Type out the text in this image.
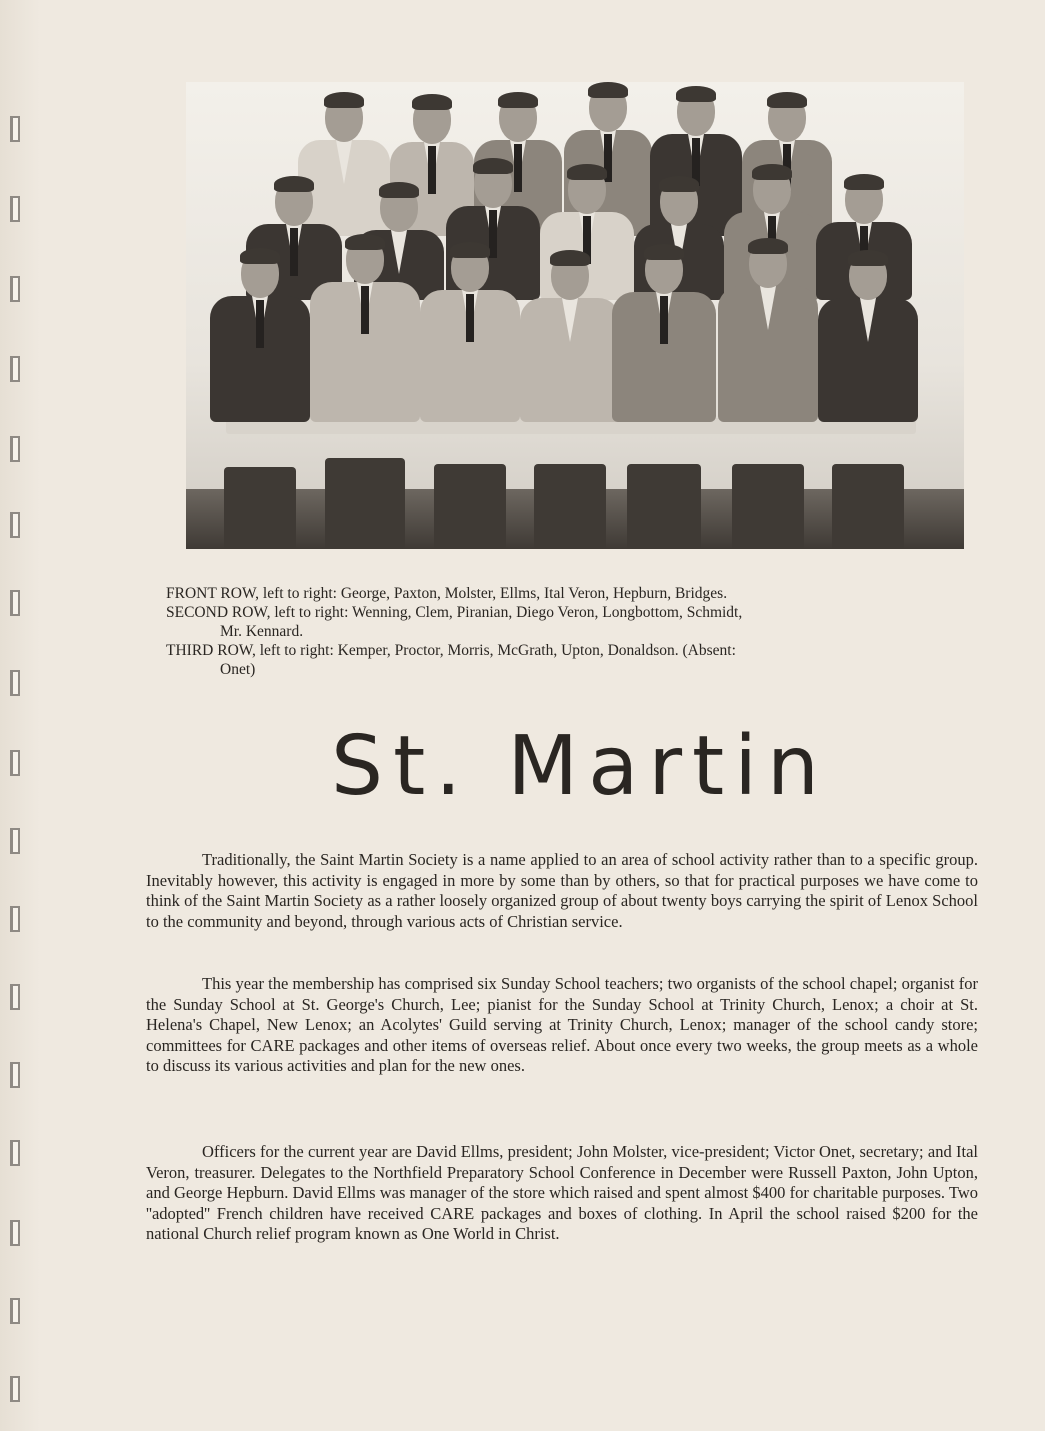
FRONT ROW, left to right: George, Paxton, Molster, Ellms, Ital Veron, Hepburn, Bridges.

SECOND ROW, left to right: Wenning, Clem, Piranian, Diego Veron, Longbottom, Schmidt,

Mr. Kennard.

THIRD ROW, left to right: Kemper, Proctor, Morris, McGrath, Upton, Donaldson. (Absent:

Onet)

St. Martin

Traditionally, the Saint Martin Society is a name applied to an area of school activity rather than to a specific group. Inevitably however, this activity is engaged in more by some than by others, so that for practical purposes we have come to think of the Saint Martin Society as a rather loosely organized group of about twenty boys carrying the spirit of Lenox School to the community and beyond, through various acts of Christian service.

This year the membership has comprised six Sunday School teachers; two organists of the school chapel; organist for the Sunday School at St. George's Church, Lee; pianist for the Sunday School at Trinity Church, Lenox; a choir at St. Helena's Chapel, New Lenox; an Acolytes' Guild serving at Trinity Church, Lenox; manager of the school candy store; committees for CARE packages and other items of overseas relief. About once every two weeks, the group meets as a whole to discuss its various activities and plan for the new ones.

Officers for the current year are David Ellms, president; John Molster, vice-president; Victor Onet, secretary; and Ital Veron, treasurer. Delegates to the Northfield Preparatory School Conference in December were Russell Paxton, John Upton, and George Hepburn. David Ellms was manager of the store which raised and spent almost $400 for charitable purposes. Two ''adopted'' French children have received CARE packages and boxes of clothing. In April the school raised $200 for the national Church relief program known as One World in Christ.
